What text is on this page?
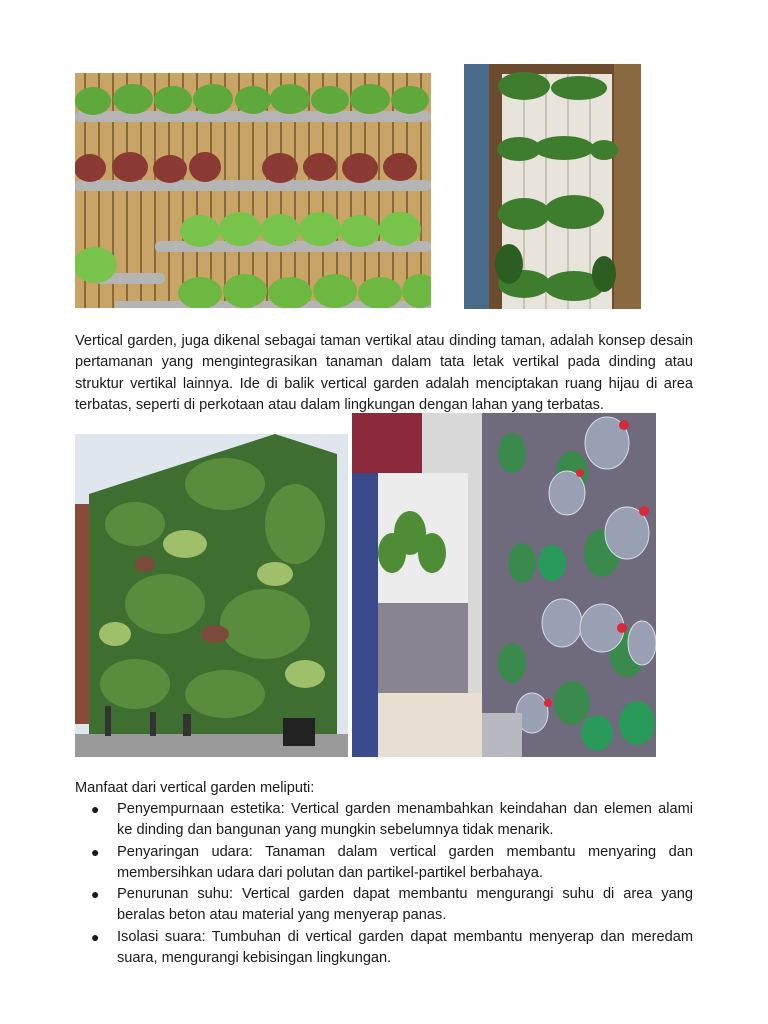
Vertical garden, juga dikenal sebagai taman vertikal atau dinding taman, adalah konsep desain pertamanan yang mengintegrasikan tanaman dalam tata letak vertikal pada dinding atau struktur vertikal lainnya. Ide di balik vertical garden adalah menciptakan ruang hijau di area terbatas, seperti di perkotaan atau dalam lingkungan dengan lahan yang terbatas.

Manfaat dari vertical garden meliputi:

● Penyempurnaan estetika: Vertical garden menambahkan keindahan dan elemen alami ke dinding dan bangunan yang mungkin sebelumnya tidak menarik.
● Penyaringan udara: Tanaman dalam vertical garden membantu menyaring dan membersihkan udara dari polutan dan partikel-partikel berbahaya.
● Penurunan suhu: Vertical garden dapat membantu mengurangi suhu di area yang beralas beton atau material yang menyerap panas.
● Isolasi suara: Tumbuhan di vertical garden dapat membantu menyerap dan meredam suara, mengurangi kebisingan lingkungan.
